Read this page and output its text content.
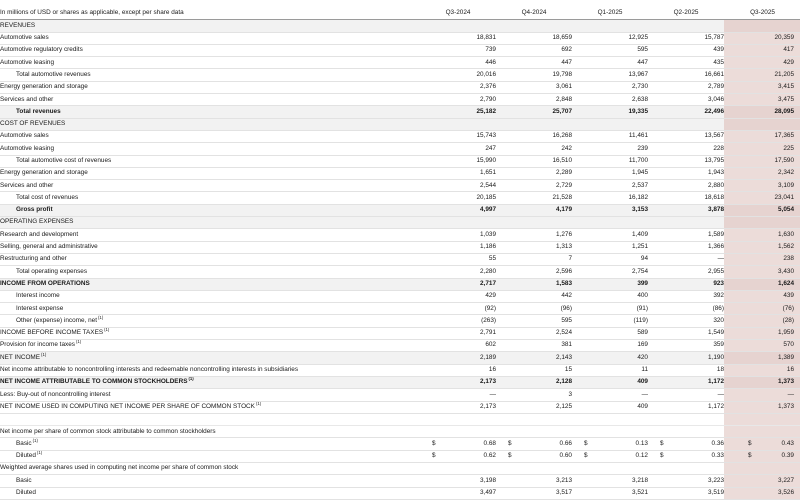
In millions of USD or shares as applicable, except per share data	Q3-2024	Q4-2024	Q1-2025	Q2-2025	Q3-2025
REVENUES					
Automotive sales	18,831	18,659	12,925	15,787	20,359
Automotive regulatory credits	739	692	595	439	417
Automotive leasing	446	447	447	435	429
Total automotive revenues	20,016	19,798	13,967	16,661	21,205
Energy generation and storage	2,376	3,061	2,730	2,789	3,415
Services and other	2,790	2,848	2,638	3,046	3,475
Total revenues	25,182	25,707	19,335	22,496	28,095
COST OF REVENUES					
Automotive sales	15,743	16,268	11,461	13,567	17,365
Automotive leasing	247	242	239	228	225
Total automotive cost of revenues	15,990	16,510	11,700	13,795	17,590
Energy generation and storage	1,651	2,289	1,945	1,943	2,342
Services and other	2,544	2,729	2,537	2,880	3,109
Total cost of revenues	20,185	21,528	16,182	18,618	23,041
Gross profit	4,997	4,179	3,153	3,878	5,054
OPERATING EXPENSES					
Research and development	1,039	1,276	1,409	1,589	1,630
Selling, general and administrative	1,186	1,313	1,251	1,366	1,562
Restructuring and other	55	7	94	—	238
Total operating expenses	2,280	2,596	2,754	2,955	3,430
INCOME FROM OPERATIONS	2,717	1,583	399	923	1,624
Interest income	429	442	400	392	439
Interest expense	(92)	(96)	(91)	(86)	(76)
Other (expense) income, net$^{(1)}$	(263)	595	(119)	320	(28)
INCOME BEFORE INCOME TAXES$^{(1)}$	2,791	2,524	589	1,549	1,959
Provision for income taxes$^{(1)}$	602	381	169	359	570
NET INCOME$^{(1)}$	2,189	2,143	420	1,190	1,389
Net income attributable to noncontrolling interests and redeemable noncontrolling interests in subsidiaries	16	15	11	18	16
NET INCOME ATTRIBUTABLE TO COMMON STOCKHOLDERS$^{(1)}$	2,173	2,128	409	1,172	1,373
Less: Buy-out of noncontrolling interest	—	3	—	—	—
NET INCOME USED IN COMPUTING NET INCOME PER SHARE OF COMMON STOCK$^{(1)}$	2,173	2,125	409	1,172	1,373

Net income per share of common stock attributable to common stockholders					
Basic$^{(1)}$	$ 0.68	$ 0.66	$ 0.13	$ 0.36	$ 0.43
Diluted$^{(1)}$	$ 0.62	$ 0.60	$ 0.12	$ 0.33	$ 0.39
Weighted average shares used in computing net income per share of common stock					
Basic	3,198	3,213	3,218	3,223	3,227
Diluted	3,497	3,517	3,521	3,519	3,526
